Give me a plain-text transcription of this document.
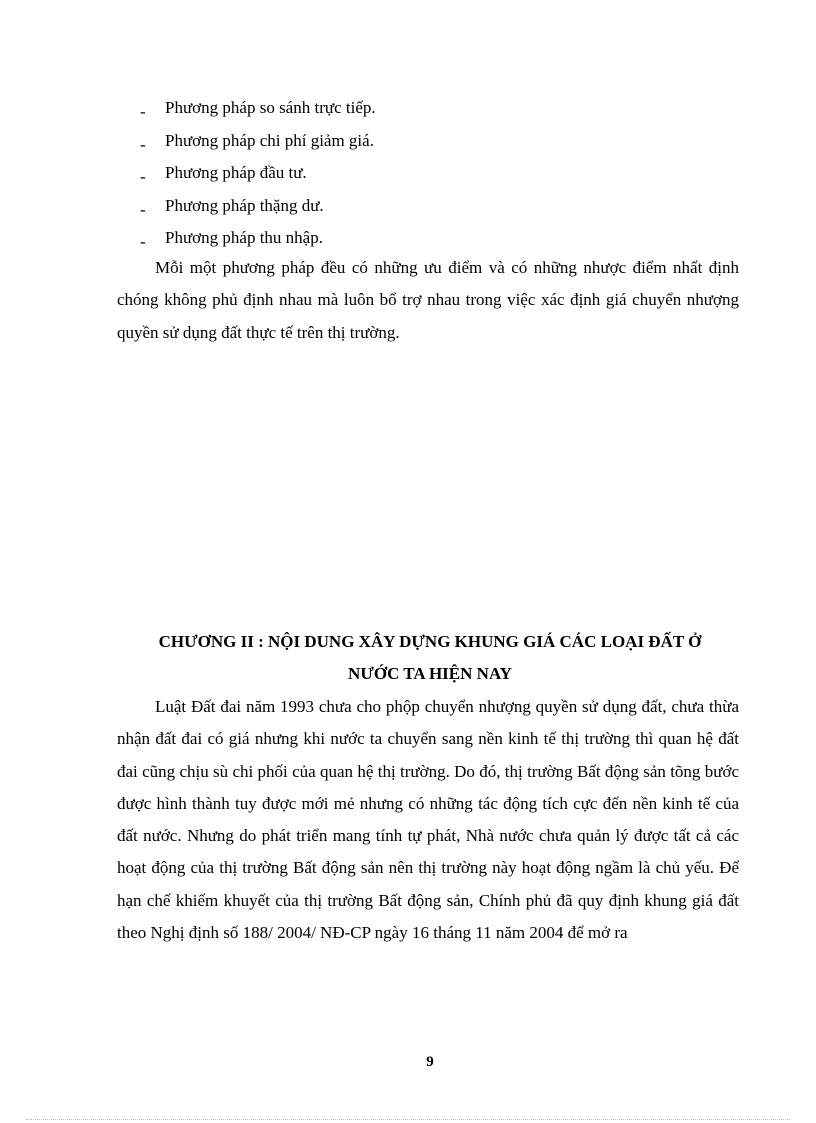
- Phương pháp so sánh trực tiếp.
- Phương pháp chi phí giảm giá.
- Phương pháp đầu tư.
- Phương pháp thặng dư.
- Phương pháp thu nhập.

Mỗi một phương pháp đều có những ưu điểm và có những nhược điểm nhất định chóng không phủ định nhau mà luôn bổ trợ nhau trong việc xác định giá chuyển nhượng quyền sử dụng đất thực tế trên thị trường.

CHƯƠNG II : NỘI DUNG XÂY DỰNG KHUNG GIÁ CÁC LOẠI ĐẤT Ở
NƯỚC TA HIỆN NAY

Luật Đất đai năm 1993 chưa cho phộp chuyển nhượng quyền sử dụng đất, chưa thừa nhận đất đai có giá nhưng khi nước ta chuyển sang nền kinh tế thị trường thì quan hệ đất đai cũng chịu sù chi phối của quan hệ thị trường. Do đó, thị trường Bất động sản tõng bước được hình thành tuy được mới mẻ nhưng có những tác động tích cực đến nền kinh tế của đất nước. Nhưng do phát triển mang tính tự phát, Nhà nước chưa quản lý được tất cả các hoạt động của thị trường Bất động sản nên thị trường này hoạt động ngầm là chủ yếu. Để hạn chế khiếm khuyết của thị trường Bất động sản, Chính phủ đã quy định khung giá đất theo Nghị định số 188/ 2004/ NĐ-CP ngày 16 tháng 11 năm 2004 để mở ra

9
